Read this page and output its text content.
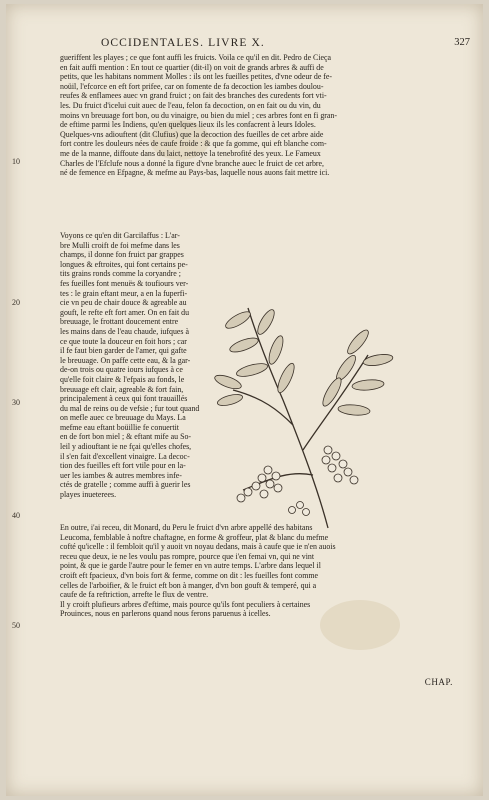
OCCIDENTALES. LIVRE X.	327
gueriffent les playes ; ce que font auffi les fruicts. Voila ce qu'il en dit. Pedro de Cieça
en fait auffi mention : En tout ce quartier (dit-il) on voit de grands arbres & auffi de
petits, que les habitans nomment Molles : ils ont les fueilles petites, d'vne odeur de fe-
noüil, l'efcorce en eft fort prifee, car on fomente de fa decoction les iambes doulou-
reufes & enflamees auec vn grand fruict ; on fait des branches des curedents fort vti-
les. Du fruict d'icelui cuit auec de l'eau, felon fa decoction, on en fait ou du vin, du
moins vn breuuage fort bon, ou du vinaigre, ou bien du miel ; ces arbres font en fi gran-
de eftime parmi les Indiens, qu'en quelques lieux ils les confacrent à leurs Idoles.
Quelques-vns adiouftent (dit Clufius) que la decoction des fueilles de cet arbre aide
fort contre les douleurs nées de caufe froide : & que fa gomme, qui eft blanche com-
me de la manne, diffoute dans du laict, nettoye la tenebrofité des yeux. Le Fameux
Charles de l'Efclufe nous a donné la figure d'vne branche auec le fruict de cet arbre,
né de femence en Efpagne, & mefme au Pays-bas, laquelle nous auons fait mettre ici.
Voyons ce qu'en dit Garcilaffus : L'ar-
bre Mulli croift de foi mefme dans les
champs, il donne fon fruict par grappes
longues & eftroites, qui font certains pe-
tits grains ronds comme la coryandre ;
fes fueilles font menuës & toufiours ver-
tes : le grain eftant meur, a en la fuperfi-
cie vn peu de chair douce & agreable au
gouft, le refte eft fort amer. On en fait du
breuuage, le frottant doucement entre
les mains dans de l'eau chaude, iufques à
ce que toute la douceur en foit hors ; car
il fe faut bien garder de l'amer, qui gafte
le breuuage. On paffe cette eau, & la gar-
de-on trois ou quatre iours iufques à ce
qu'elle foit claire & l'efpais au fonds, le
breuuage eft clair, agreable & fort fain,
principalement à ceux qui font trauaillés
du mal de reins ou de vefsie ; fur tout quand
on mefle auec ce breuuage du Mays. La
mefme eau eftant boüillie fe conuertit
en de fort bon miel ; & eftant mife au So-
leil y adiouftant ie ne fçai qu'elles chofes,
il s'en fait d'excellent vinaigre. La decoc-
tion des fueilles eft fort vtile pour en la-
uer les iambes & autres membres infe-
ctés de gratelle ; comme auffi à guerir les
playes inueterees.
En outre, i'ai receu, dit Monard, du Peru le fruict d'vn arbre appellé des habitans
Leucoma, femblable à noftre chaftagne, en forme & groffeur, plat & blanc du mefme
cofté qu'icelle : il fembloit qu'il y auoit vn noyau dedans, mais à caufe que ie n'en auois
receu que deux, ie ne les voulu pas rompre, pource que i'en femai vn, qui ne vint
point, & que ie garde l'autre pour le femer en vn autre temps. L'arbre dans lequel il
croift eft fpacieux, d'vn bois fort & ferme, comme on dit : les fueilles font comme
celles de l'arboifier, & le fruict eft bon à manger, d'vn bon gouft & temperé, qui a
caufe de fa reftriction, arrefte le flux de ventre.
Il y croift plufieurs arbres d'eftime, mais pource qu'ils font peculiers à certaines
Prouinces, nous en parlerons quand nous ferons paruenus à icelles.
10
20
30
40
50
CHAP.
